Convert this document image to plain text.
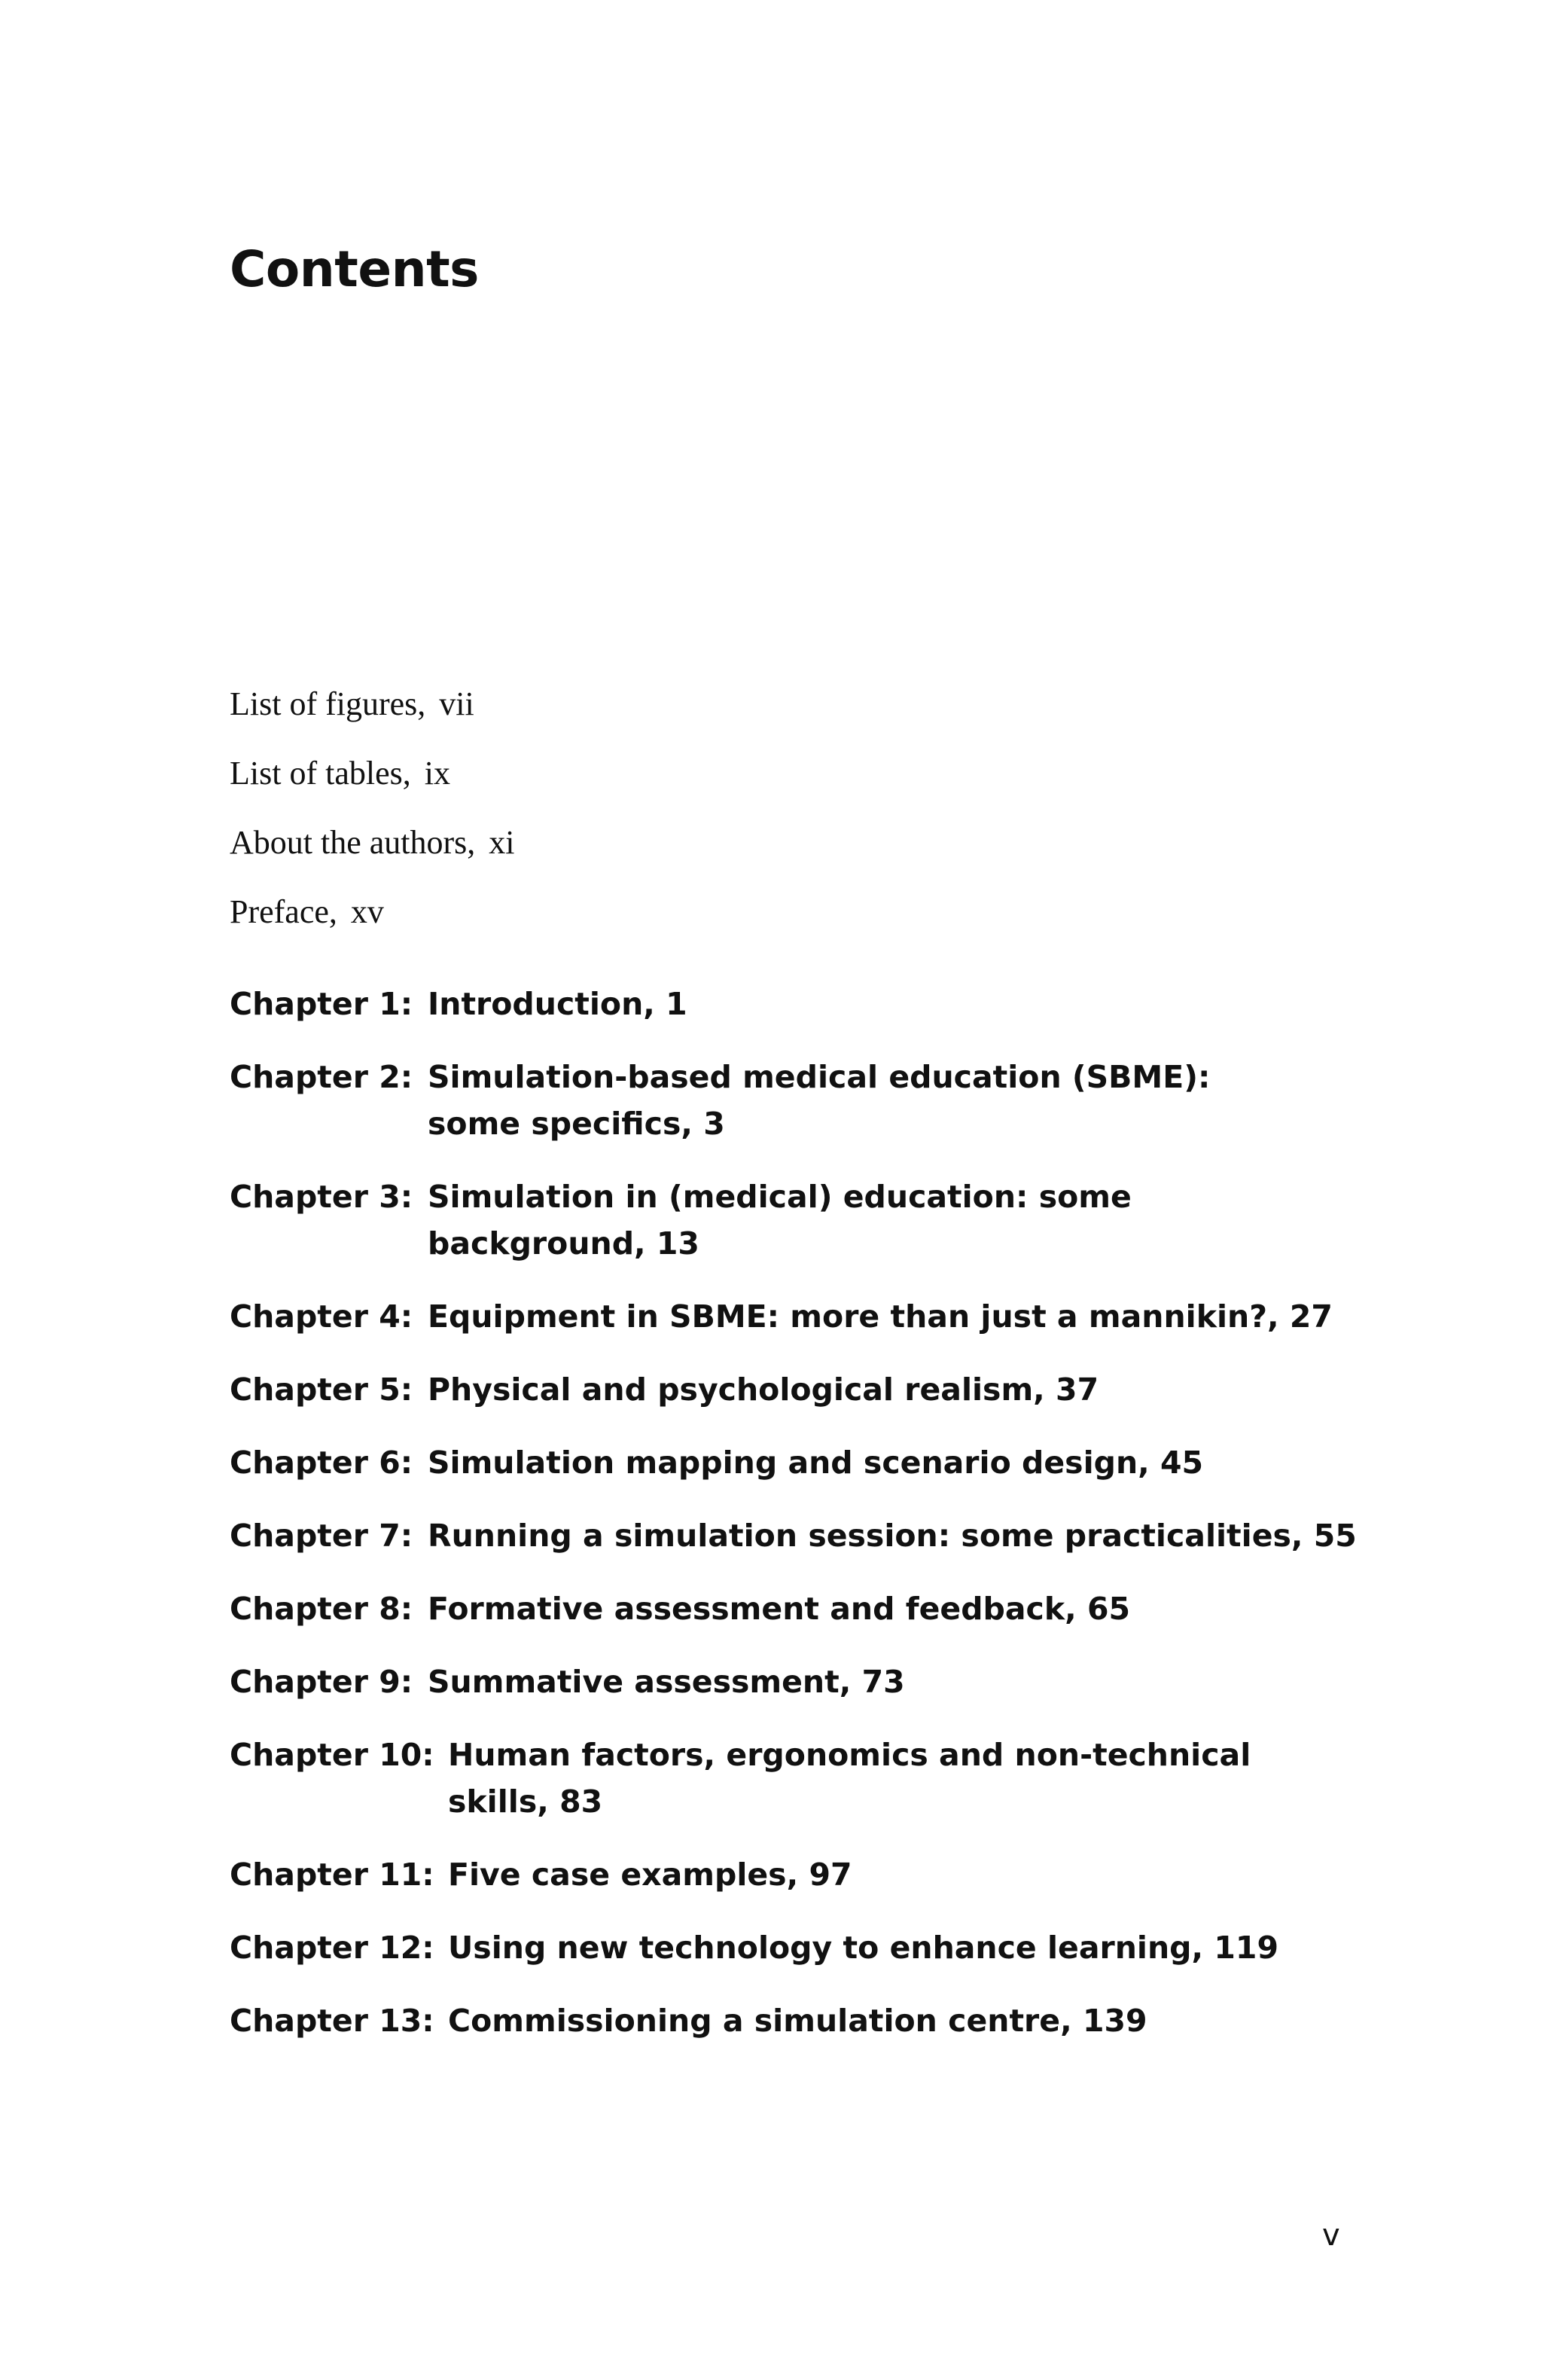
Contents
List of figures, vii
List of tables, ix
About the authors, xi
Preface, xv
Chapter 1: Introduction, 1
Chapter 2: Simulation-based medical education (SBME): some specifics, 3
Chapter 3: Simulation in (medical) education: some background, 13
Chapter 4: Equipment in SBME: more than just a mannikin?, 27
Chapter 5: Physical and psychological realism, 37
Chapter 6: Simulation mapping and scenario design, 45
Chapter 7: Running a simulation session: some practicalities, 55
Chapter 8: Formative assessment and feedback, 65
Chapter 9: Summative assessment, 73
Chapter 10: Human factors, ergonomics and non-technical skills, 83
Chapter 11: Five case examples, 97
Chapter 12: Using new technology to enhance learning, 119
Chapter 13: Commissioning a simulation centre, 139
v
